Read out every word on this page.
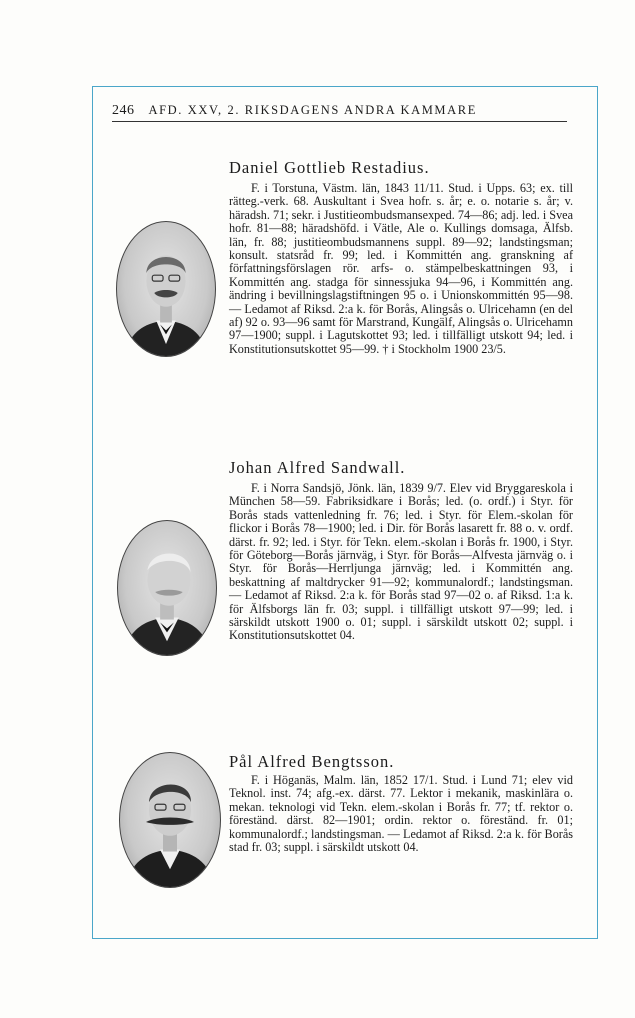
246 AFD. XXV, 2. RIKSDAGENS ANDRA KAMMARE
Daniel Gottlieb Restadius.

F. i Torstuna, Västm. län, 1843 11/11. Stud. i Upps. 63; ex. till rätteg.-verk. 68. Auskultant i Svea hofr. s. år; e. o. notarie s. år; v. häradsh. 71; sekr. i Justitieombudsmansexped. 74—86; adj. led. i Svea hofr. 81—88; häradshöfd. i Vätle, Ale o. Kullings domsaga, Älfsb. län, fr. 88; justitieombudsmannens suppl. 89—92; landstingsman; konsult. statsråd fr. 99; led. i Kommittén ang. granskning af författningsförslagen rör. arfs- o. stämpelbeskattningen 93, i Kommittén ang. stadga för sinnessjuka 94—96, i Kommittén ang. ändring i bevillningslagstiftningen 95 o. i Unionskommittén 95—98. — Ledamot af Riksd. 2:a k. för Borås, Alingsås o. Ulricehamn (en del af) 92 o. 93—96 samt för Marstrand, Kungälf, Alingsås o. Ulricehamn 97—1900; suppl. i Lagutskottet 93; led. i tillfälligt utskott 94; led. i Konstitutionsutskottet 95—99. † i Stockholm 1900 23/5.

Johan Alfred Sandwall.

F. i Norra Sandsjö, Jönk. län, 1839 9/7. Elev vid Bryggareskola i München 58—59. Fabriksidkare i Borås; led. (o. ordf.) i Styr. för Borås stads vattenledning fr. 76; led. i Styr. för Elem.-skolan för flickor i Borås 78—1900; led. i Dir. för Borås lasarett fr. 88 o. v. ordf. därst. fr. 92; led. i Styr. för Tekn. elem.-skolan i Borås fr. 1900, i Styr. för Göteborg—Borås järnväg, i Styr. för Borås—Alfvesta järnväg o. i Styr. för Borås—Herrljunga järnväg; led. i Kommittén ang. beskattning af maltdrycker 91—92; kommunalordf.; landstingsman. — Ledamot af Riksd. 2:a k. för Borås stad 97—02 o. af Riksd. 1:a k. för Älfsborgs län fr. 03; suppl. i tillfälligt utskott 97—99; led. i särskildt utskott 1900 o. 01; suppl. i särskildt utskott 02; suppl. i Konstitutionsutskottet 04.

Pål Alfred Bengtsson.

F. i Höganäs, Malm. län, 1852 17/1. Stud. i Lund 71; elev vid Teknol. inst. 74; afg.-ex. därst. 77. Lektor i mekanik, maskinlära o. mekan. teknologi vid Tekn. elem.-skolan i Borås fr. 77; tf. rektor o. föreständ. därst. 82—1901; ordin. rektor o. föreständ. fr. 01; kommunalordf.; landstingsman. — Ledamot af Riksd. 2:a k. för Borås stad fr. 03; suppl. i särskildt utskott 04.
